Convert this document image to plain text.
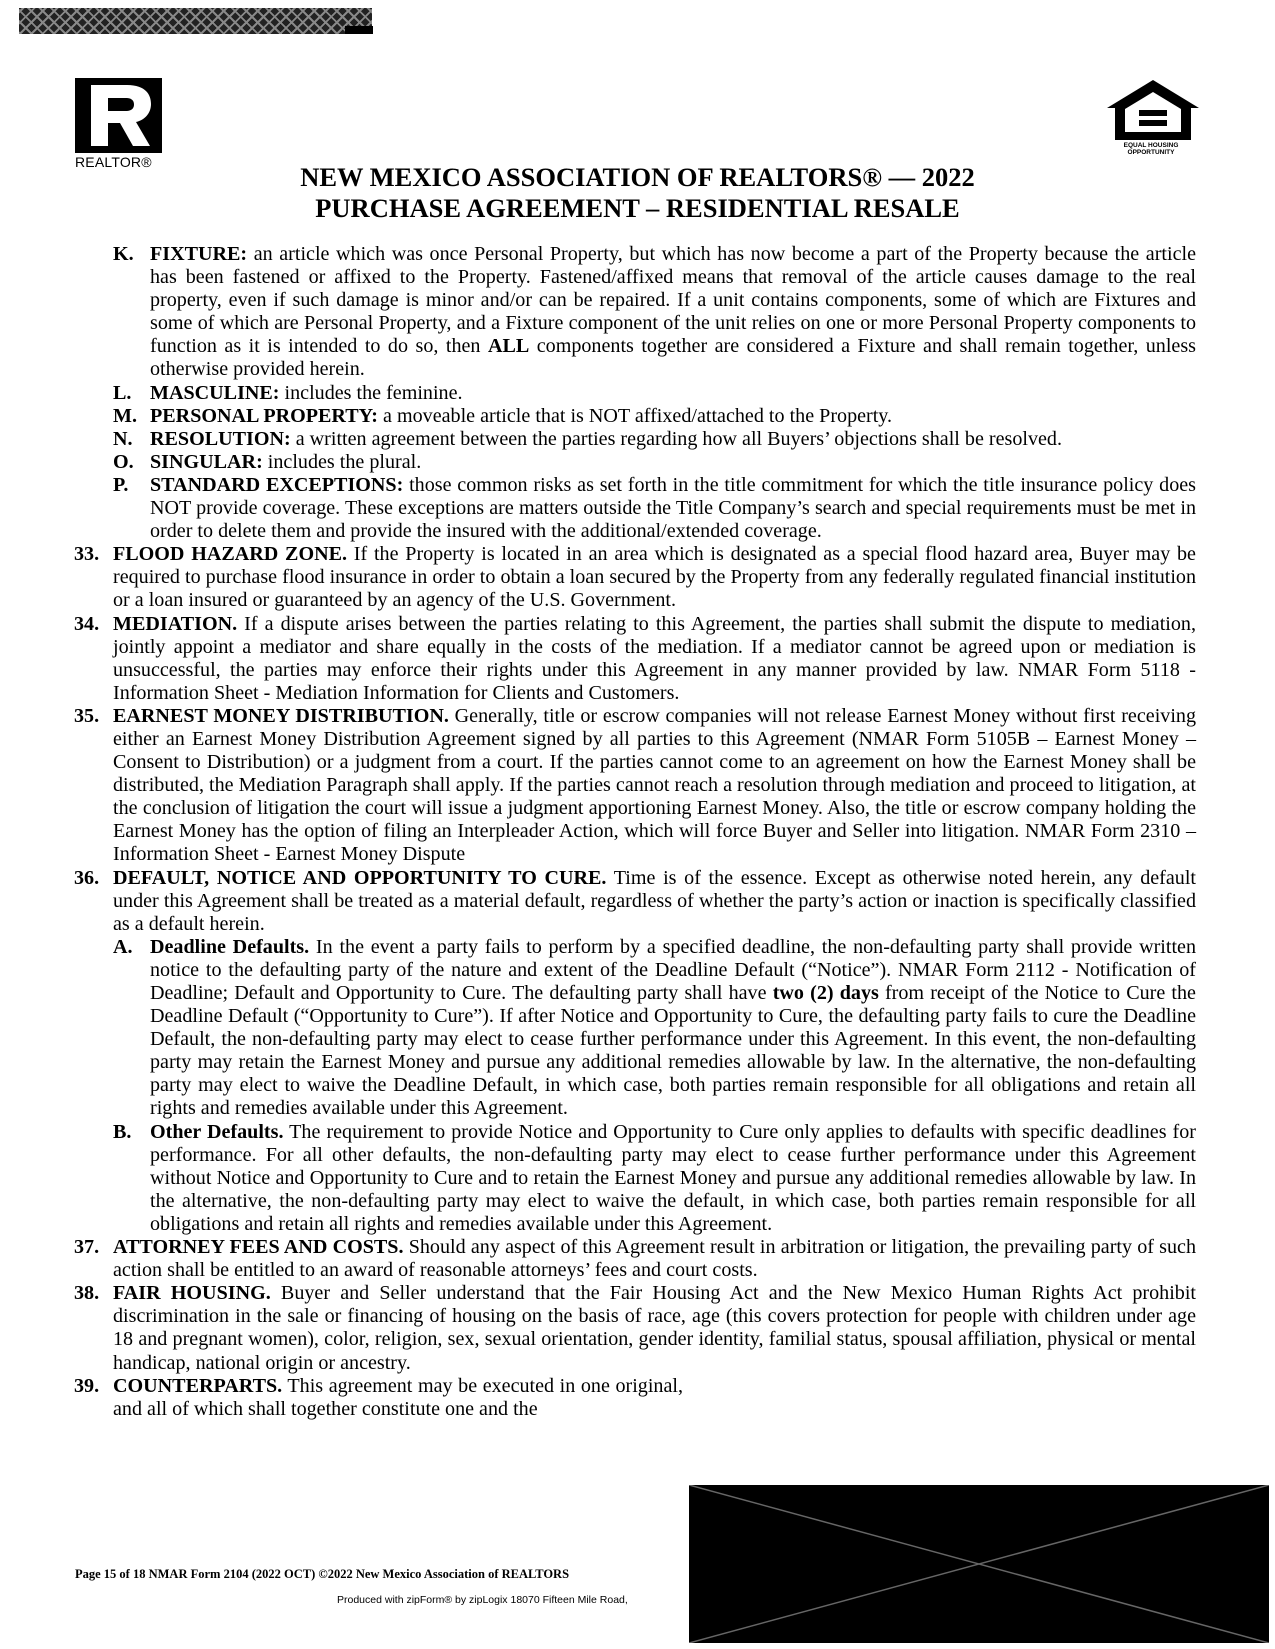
REALTOR®
EQUAL HOUSING OPPORTUNITY
NEW MEXICO ASSOCIATION OF REALTORS® — 2022
PURCHASE AGREEMENT – RESIDENTIAL RESALE
K. FIXTURE: an article which was once Personal Property, but which has now become a part of the Property because the article has been fastened or affixed to the Property. Fastened/affixed means that removal of the article causes damage to the real property, even if such damage is minor and/or can be repaired. If a unit contains components, some of which are Fixtures and some of which are Personal Property, and a Fixture component of the unit relies on one or more Personal Property components to function as it is intended to do so, then ALL components together are considered a Fixture and shall remain together, unless otherwise provided herein.
L. MASCULINE: includes the feminine.
M. PERSONAL PROPERTY: a moveable article that is NOT affixed/attached to the Property.
N. RESOLUTION: a written agreement between the parties regarding how all Buyers’ objections shall be resolved.
O. SINGULAR: includes the plural.
P. STANDARD EXCEPTIONS: those common risks as set forth in the title commitment for which the title insurance policy does NOT provide coverage. These exceptions are matters outside the Title Company’s search and special requirements must be met in order to delete them and provide the insured with the additional/extended coverage.
33. FLOOD HAZARD ZONE. If the Property is located in an area which is designated as a special flood hazard area, Buyer may be required to purchase flood insurance in order to obtain a loan secured by the Property from any federally regulated financial institution or a loan insured or guaranteed by an agency of the U.S. Government.
34. MEDIATION. If a dispute arises between the parties relating to this Agreement, the parties shall submit the dispute to mediation, jointly appoint a mediator and share equally in the costs of the mediation. If a mediator cannot be agreed upon or mediation is unsuccessful, the parties may enforce their rights under this Agreement in any manner provided by law. NMAR Form 5118 - Information Sheet - Mediation Information for Clients and Customers.
35. EARNEST MONEY DISTRIBUTION. Generally, title or escrow companies will not release Earnest Money without first receiving either an Earnest Money Distribution Agreement signed by all parties to this Agreement (NMAR Form 5105B – Earnest Money – Consent to Distribution) or a judgment from a court. If the parties cannot come to an agreement on how the Earnest Money shall be distributed, the Mediation Paragraph shall apply. If the parties cannot reach a resolution through mediation and proceed to litigation, at the conclusion of litigation the court will issue a judgment apportioning Earnest Money. Also, the title or escrow company holding the Earnest Money has the option of filing an Interpleader Action, which will force Buyer and Seller into litigation. NMAR Form 2310 – Information Sheet - Earnest Money Dispute
36. DEFAULT, NOTICE AND OPPORTUNITY TO CURE. Time is of the essence. Except as otherwise noted herein, any default under this Agreement shall be treated as a material default, regardless of whether the party’s action or inaction is specifically classified as a default herein.
A. Deadline Defaults. In the event a party fails to perform by a specified deadline, the non-defaulting party shall provide written notice to the defaulting party of the nature and extent of the Deadline Default (“Notice”). NMAR Form 2112 - Notification of Deadline; Default and Opportunity to Cure. The defaulting party shall have two (2) days from receipt of the Notice to Cure the Deadline Default (“Opportunity to Cure”). If after Notice and Opportunity to Cure, the defaulting party fails to cure the Deadline Default, the non-defaulting party may elect to cease further performance under this Agreement. In this event, the non-defaulting party may retain the Earnest Money and pursue any additional remedies allowable by law. In the alternative, the non-defaulting party may elect to waive the Deadline Default, in which case, both parties remain responsible for all obligations and retain all rights and remedies available under this Agreement.
B. Other Defaults. The requirement to provide Notice and Opportunity to Cure only applies to defaults with specific deadlines for performance. For all other defaults, the non-defaulting party may elect to cease further performance under this Agreement without Notice and Opportunity to Cure and to retain the Earnest Money and pursue any additional remedies allowable by law. In the alternative, the non-defaulting party may elect to waive the default, in which case, both parties remain responsible for all obligations and retain all rights and remedies available under this Agreement.
37. ATTORNEY FEES AND COSTS. Should any aspect of this Agreement result in arbitration or litigation, the prevailing party of such action shall be entitled to an award of reasonable attorneys’ fees and court costs.
38. FAIR HOUSING. Buyer and Seller understand that the Fair Housing Act and the New Mexico Human Rights Act prohibit discrimination in the sale or financing of housing on the basis of race, age (this covers protection for people with children under age 18 and pregnant women), color, religion, sex, sexual orientation, gender identity, familial status, spousal affiliation, physical or mental handicap, national origin or ancestry.
39. COUNTERPARTS. This agreement may be executed in one original, and all of which shall together constitute one and the
Page 15 of 18 NMAR Form 2104 (2022 OCT) ©2022 New Mexico Association of REALTORS
Produced with zipForm® by zipLogix 18070 Fifteen Mile Road,
